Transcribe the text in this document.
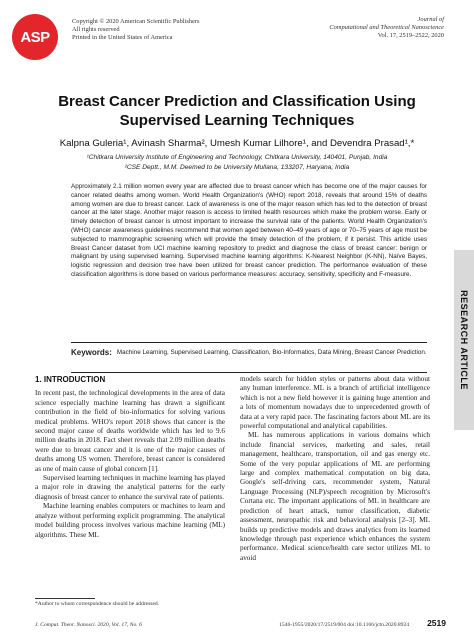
ASP
Copyright © 2020 American Scientific Publishers
All rights reserved
Printed in the United States of America
Journal of
Computational and Theoretical Nanoscience
Vol. 17, 2519–2522, 2020
Breast Cancer Prediction and Classification Using
Supervised Learning Techniques
Kalpna Guleria¹, Avinash Sharma², Umesh Kumar Lilhore¹, and Devendra Prasad¹,*
¹Chitkara University Institute of Engineering and Technology, Chitkara University, 140401, Punjab, India
²CSE Deptt., M.M. Deemed to be University Mullana, 133207, Haryana, India
Approximately 2.1 million women every year are affected due to breast cancer which has become one of the major causes for cancer related deaths among women. World Health Organization's (WHO) report 2018, reveals that around 15% of deaths among women are due to breast cancer. Lack of awareness is one of the major reason which has led to the detection of breast cancer at the later stage. Another major reason is access to limited health resources which make the problem worse. Early or timely detection of breast cancer is utmost important to increase the survival rate of the patients. World Health Organization's (WHO) cancer awareness guidelines recommend that women aged between 40–49 years of age or 70–75 years of age must be subjected to mammographic screening which will provide the timely detection of the problem, if it persist. This article uses Breast Cancer dataset from UCI machine learning repository to predict and diagnose the class of breast cancer: benign or malignant by using supervised learning. Supervised machine learning algorithms: K-Nearest Neighbor (K-NN), Naïve Bayes, logistic regression and decision tree have been utilized for breast cancer prediction. The performance evaluation of these classification algorithms is done based on various performance measures: accuracy, sensitivity, specificity and F-measure.
Keywords: Machine Learning, Supervised Learning, Classification, Bio-Informatics, Data Mining, Breast Cancer Prediction.	RESEARCH ARTICLE
1. INTRODUCTION

In recent past, the technological developments in the area of data science especially machine learning has drawn a significant contribution in the field of bio-informatics for solving various medical problems. WHO's report 2018 shows that cancer is the second major cause of deaths worldwide which has led to 9.6 million deaths in 2018. Fact sheet reveals that 2.09 million deaths were due to breast cancer and it is one of the major causes of deaths among US women. Therefore, breast cancer is considered as one of main cause of global concern [1].

Supervised learning techniques in machine learning has played a major role in drawing the analytical patterns for the early diagnosis of breast cancer to enhance the survival rate of patients.

Machine learning enables computers or machines to learn and analyze without performing explicit programming. The analytical model building process involves various machine learning (ML) algorithms. These ML

models search for hidden styles or patterns about data without any human interference. ML is a branch of artificial intelligence which is not a new field however it is gaining huge attention and a lots of momentum nowadays due to unprecedented growth of data at a very rapid pace. The fascinating factors about ML are its powerful computational and analytical capabilities.

ML has numerous applications in various domains which include financial services, marketing and sales, retail management, healthcare, transportation, oil and gas energy etc. Some of the very popular applications of ML are performing large and complex mathematical computation on big data, Google's self-driving cars, recommender system, Natural Language Processing (NLP)/speech recognition by Microsoft's Cortana etc. The important applications of ML in healthcare are prediction of heart attack, tumor classification, diabetic assessment, neuropathic risk and behavioral analysis [2–3]. ML builds up predictive models and draws analytics from its learned knowledge through past experience which enhances the system performance. Medical science/health care sector utilizes ML to avoid

*Author to whom correspondence should be addressed.
J. Comput. Theor. Nanosci. 2020, Vol. 17, No. 6	1546-1955/2020/17/2519/004 doi:10.1166/jctn.2020.8924 2519
